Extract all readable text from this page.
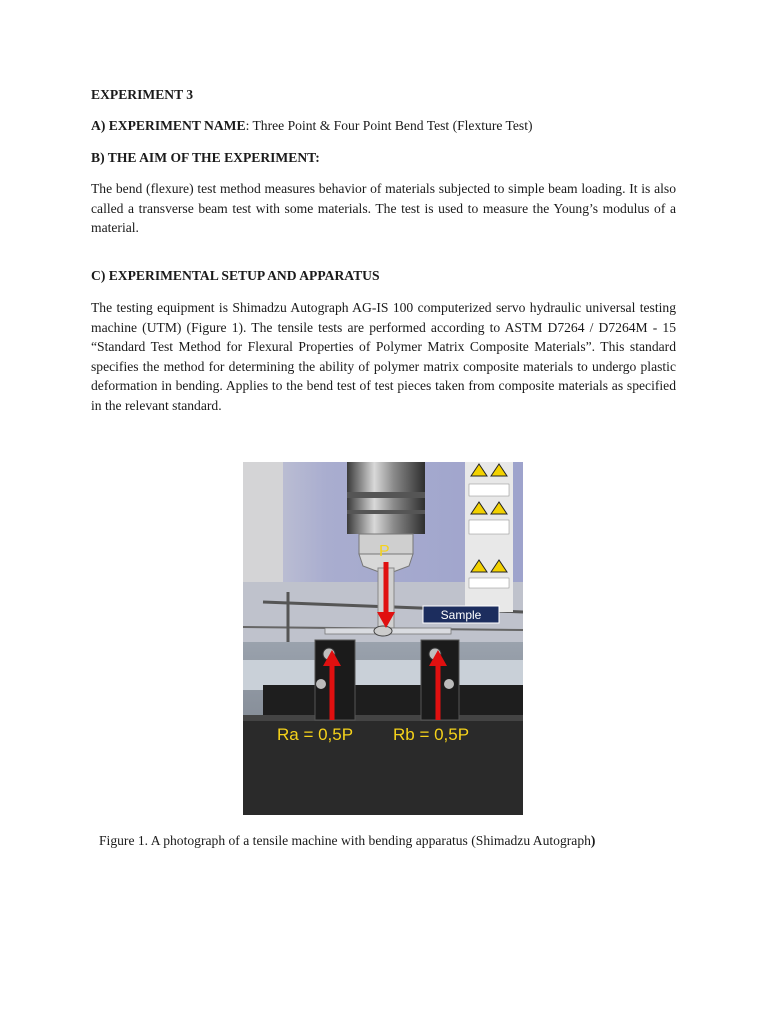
EXPERIMENT 3

A) EXPERIMENT NAME: Three Point & Four Point Bend Test (Flexture Test)

B) THE AIM OF THE EXPERIMENT:

The bend (flexure) test method measures behavior of materials subjected to simple beam loading. It is also called a transverse beam test with some materials. The test is used to measure the Young’s modulus of a material.

C) EXPERIMENTAL SETUP AND APPARATUS

The testing equipment is Shimadzu Autograph AG-IS 100 computerized servo hydraulic universal testing machine (UTM) (Figure 1). The tensile tests are performed according to ASTM D7264 / D7264M - 15 “Standard Test Method for Flexural Properties of Polymer Matrix Composite Materials”. This standard specifies the method for determining the ability of polymer matrix composite materials to undergo plastic deformation in bending. Applies to the bend test of test pieces taken from composite materials as specified in the relevant standard.

P
Sample
Ra = 0,5P Rb = 0,5P
Figure 1. A photograph of a tensile machine with bending apparatus (Shimadzu Autograph)
